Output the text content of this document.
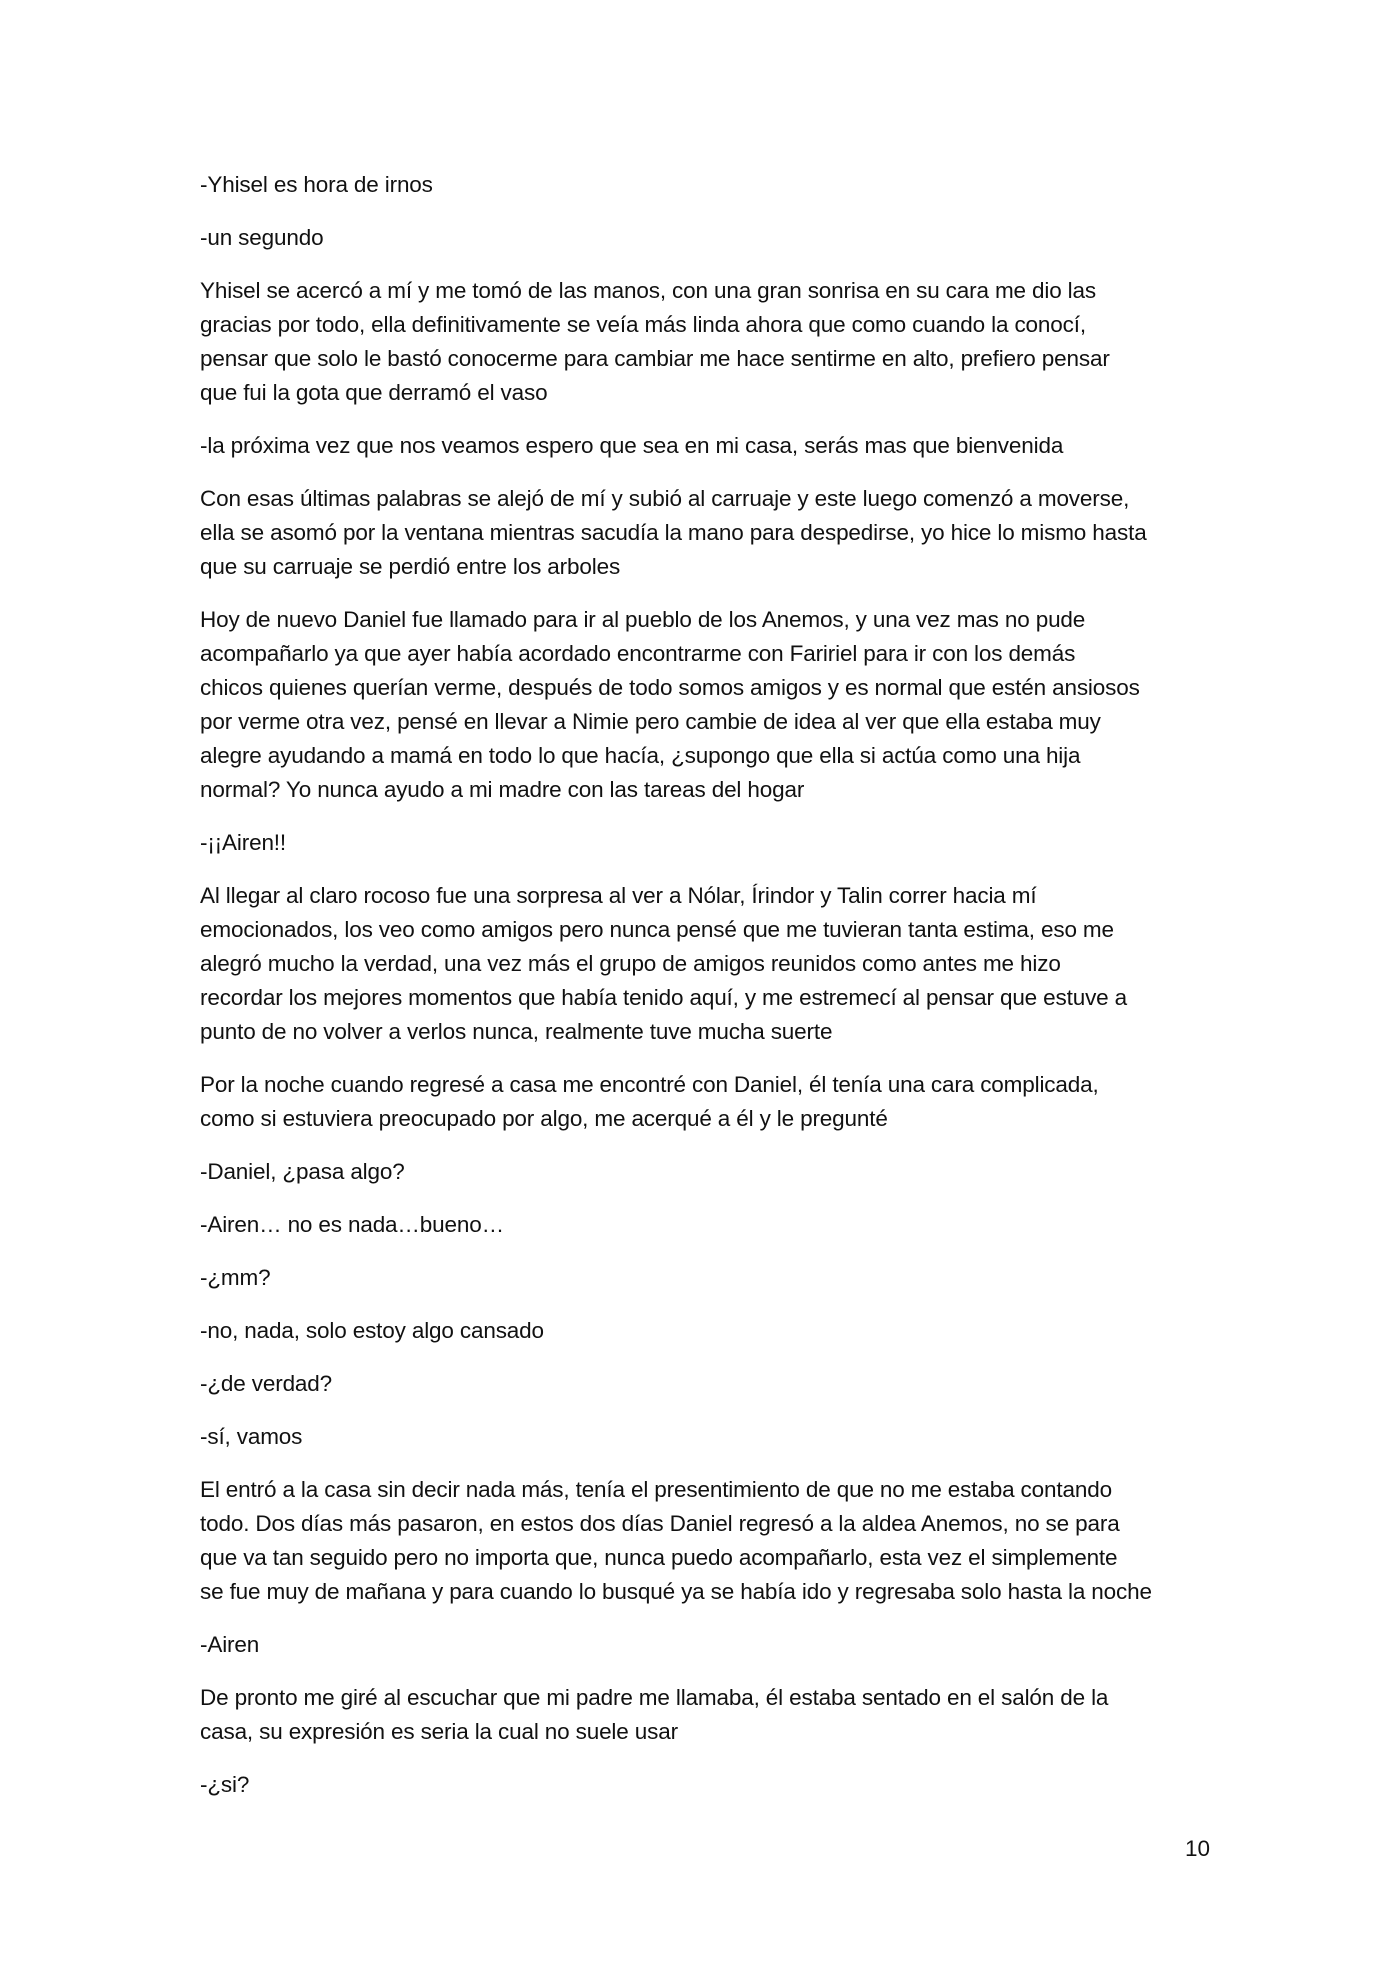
-Yhisel es hora de irnos

-un segundo

Yhisel se acercó a mí y me tomó de las manos, con una gran sonrisa en su cara me dio las
gracias por todo, ella definitivamente se veía más linda ahora que como cuando la conocí,
pensar que solo le bastó conocerme para cambiar me hace sentirme en alto, prefiero pensar
que fui la gota que derramó el vaso

-la próxima vez que nos veamos espero que sea en mi casa, serás mas que bienvenida

Con esas últimas palabras se alejó de mí y subió al carruaje y este luego comenzó a moverse,
ella se asomó por la ventana mientras sacudía la mano para despedirse, yo hice lo mismo hasta
que su carruaje se perdió entre los arboles

Hoy de nuevo Daniel fue llamado para ir al pueblo de los Anemos, y una vez mas no pude
acompañarlo ya que ayer había acordado encontrarme con Faririel para ir con los demás
chicos quienes querían verme, después de todo somos amigos y es normal que estén ansiosos
por verme otra vez, pensé en llevar a Nimie pero cambie de idea al ver que ella estaba muy
alegre ayudando a mamá en todo lo que hacía, ¿supongo que ella si actúa como una hija
normal? Yo nunca ayudo a mi madre con las tareas del hogar

-¡¡Airen!!

Al llegar al claro rocoso fue una sorpresa al ver a Nólar, Írindor y Talin correr hacia mí
emocionados, los veo como amigos pero nunca pensé que me tuvieran tanta estima, eso me
alegró mucho la verdad, una vez más el grupo de amigos reunidos como antes me hizo
recordar los mejores momentos que había tenido aquí, y me estremecí al pensar que estuve a
punto de no volver a verlos nunca, realmente tuve mucha suerte

Por la noche cuando regresé a casa me encontré con Daniel, él tenía una cara complicada,
como si estuviera preocupado por algo, me acerqué a él y le pregunté

-Daniel, ¿pasa algo?

-Airen… no es nada…bueno…

-¿mm?

-no, nada, solo estoy algo cansado

-¿de verdad?

-sí, vamos

El entró a la casa sin decir nada más, tenía el presentimiento de que no me estaba contando
todo. Dos días más pasaron, en estos dos días Daniel regresó a la aldea Anemos, no se para
que va tan seguido pero no importa que, nunca puedo acompañarlo, esta vez el simplemente
se fue muy de mañana y para cuando lo busqué ya se había ido y regresaba solo hasta la noche

-Airen

De pronto me giré al escuchar que mi padre me llamaba, él estaba sentado en el salón de la
casa, su expresión es seria la cual no suele usar

-¿si?

10
